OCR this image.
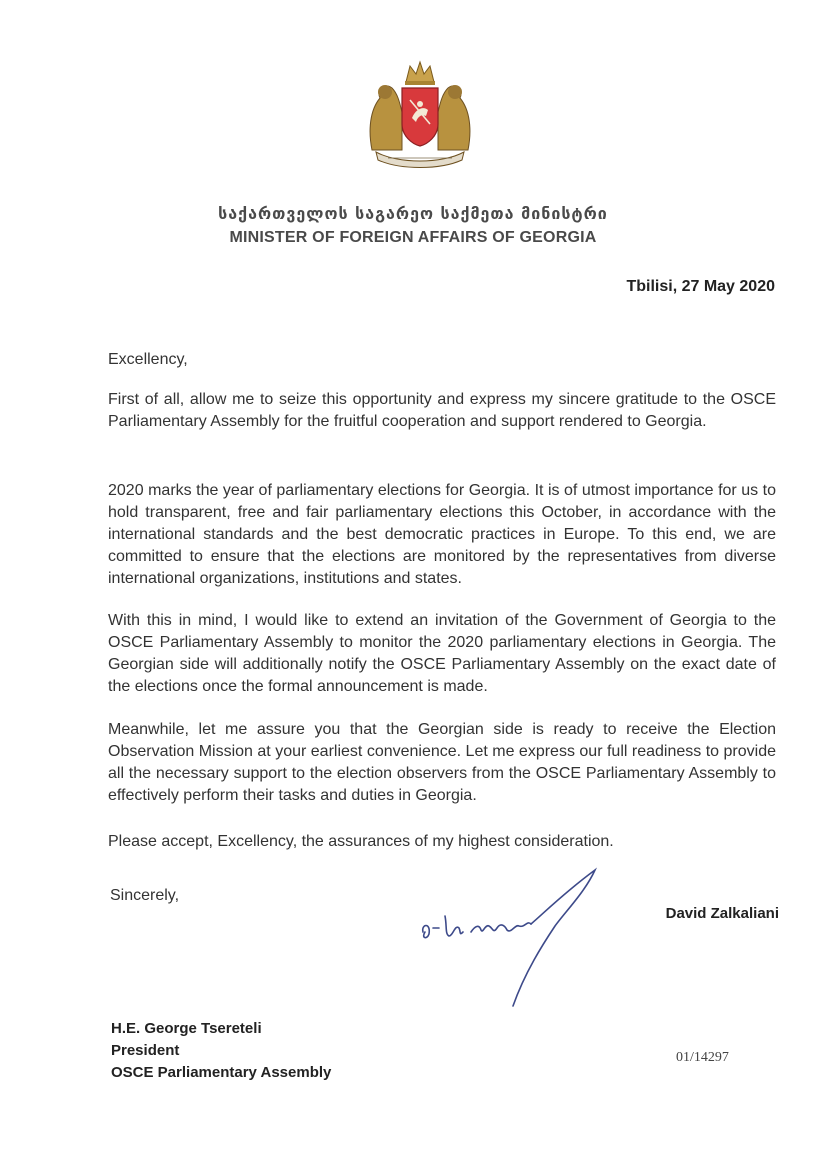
საქართველოს საგარეო საქმეთა მინისტრი
MINISTER OF FOREIGN AFFAIRS OF GEORGIA
Tbilisi, 27 May 2020
Excellency,
First of all, allow me to seize this opportunity and express my sincere gratitude to the OSCE Parliamentary Assembly for the fruitful cooperation and support rendered to Georgia.
2020 marks the year of parliamentary elections for Georgia. It is of utmost importance for us to hold transparent, free and fair parliamentary elections this October, in accordance with the international standards and the best democratic practices in Europe. To this end, we are committed to ensure that the elections are monitored by the representatives from diverse international organizations, institutions and states.
With this in mind, I would like to extend an invitation of the Government of Georgia to the OSCE Parliamentary Assembly to monitor the 2020 parliamentary elections in Georgia. The Georgian side will additionally notify the OSCE Parliamentary Assembly on the exact date of the elections once the formal announcement is made.
Meanwhile, let me assure you that the Georgian side is ready to receive the Election Observation Mission at your earliest convenience. Let me express our full readiness to provide all the necessary support to the election observers from the OSCE Parliamentary Assembly to effectively perform their tasks and duties in Georgia.
Please accept, Excellency, the assurances of my highest consideration.
Sincerely,
David Zalkaliani
H.E. George Tsereteli
President
OSCE Parliamentary Assembly
01/14297
